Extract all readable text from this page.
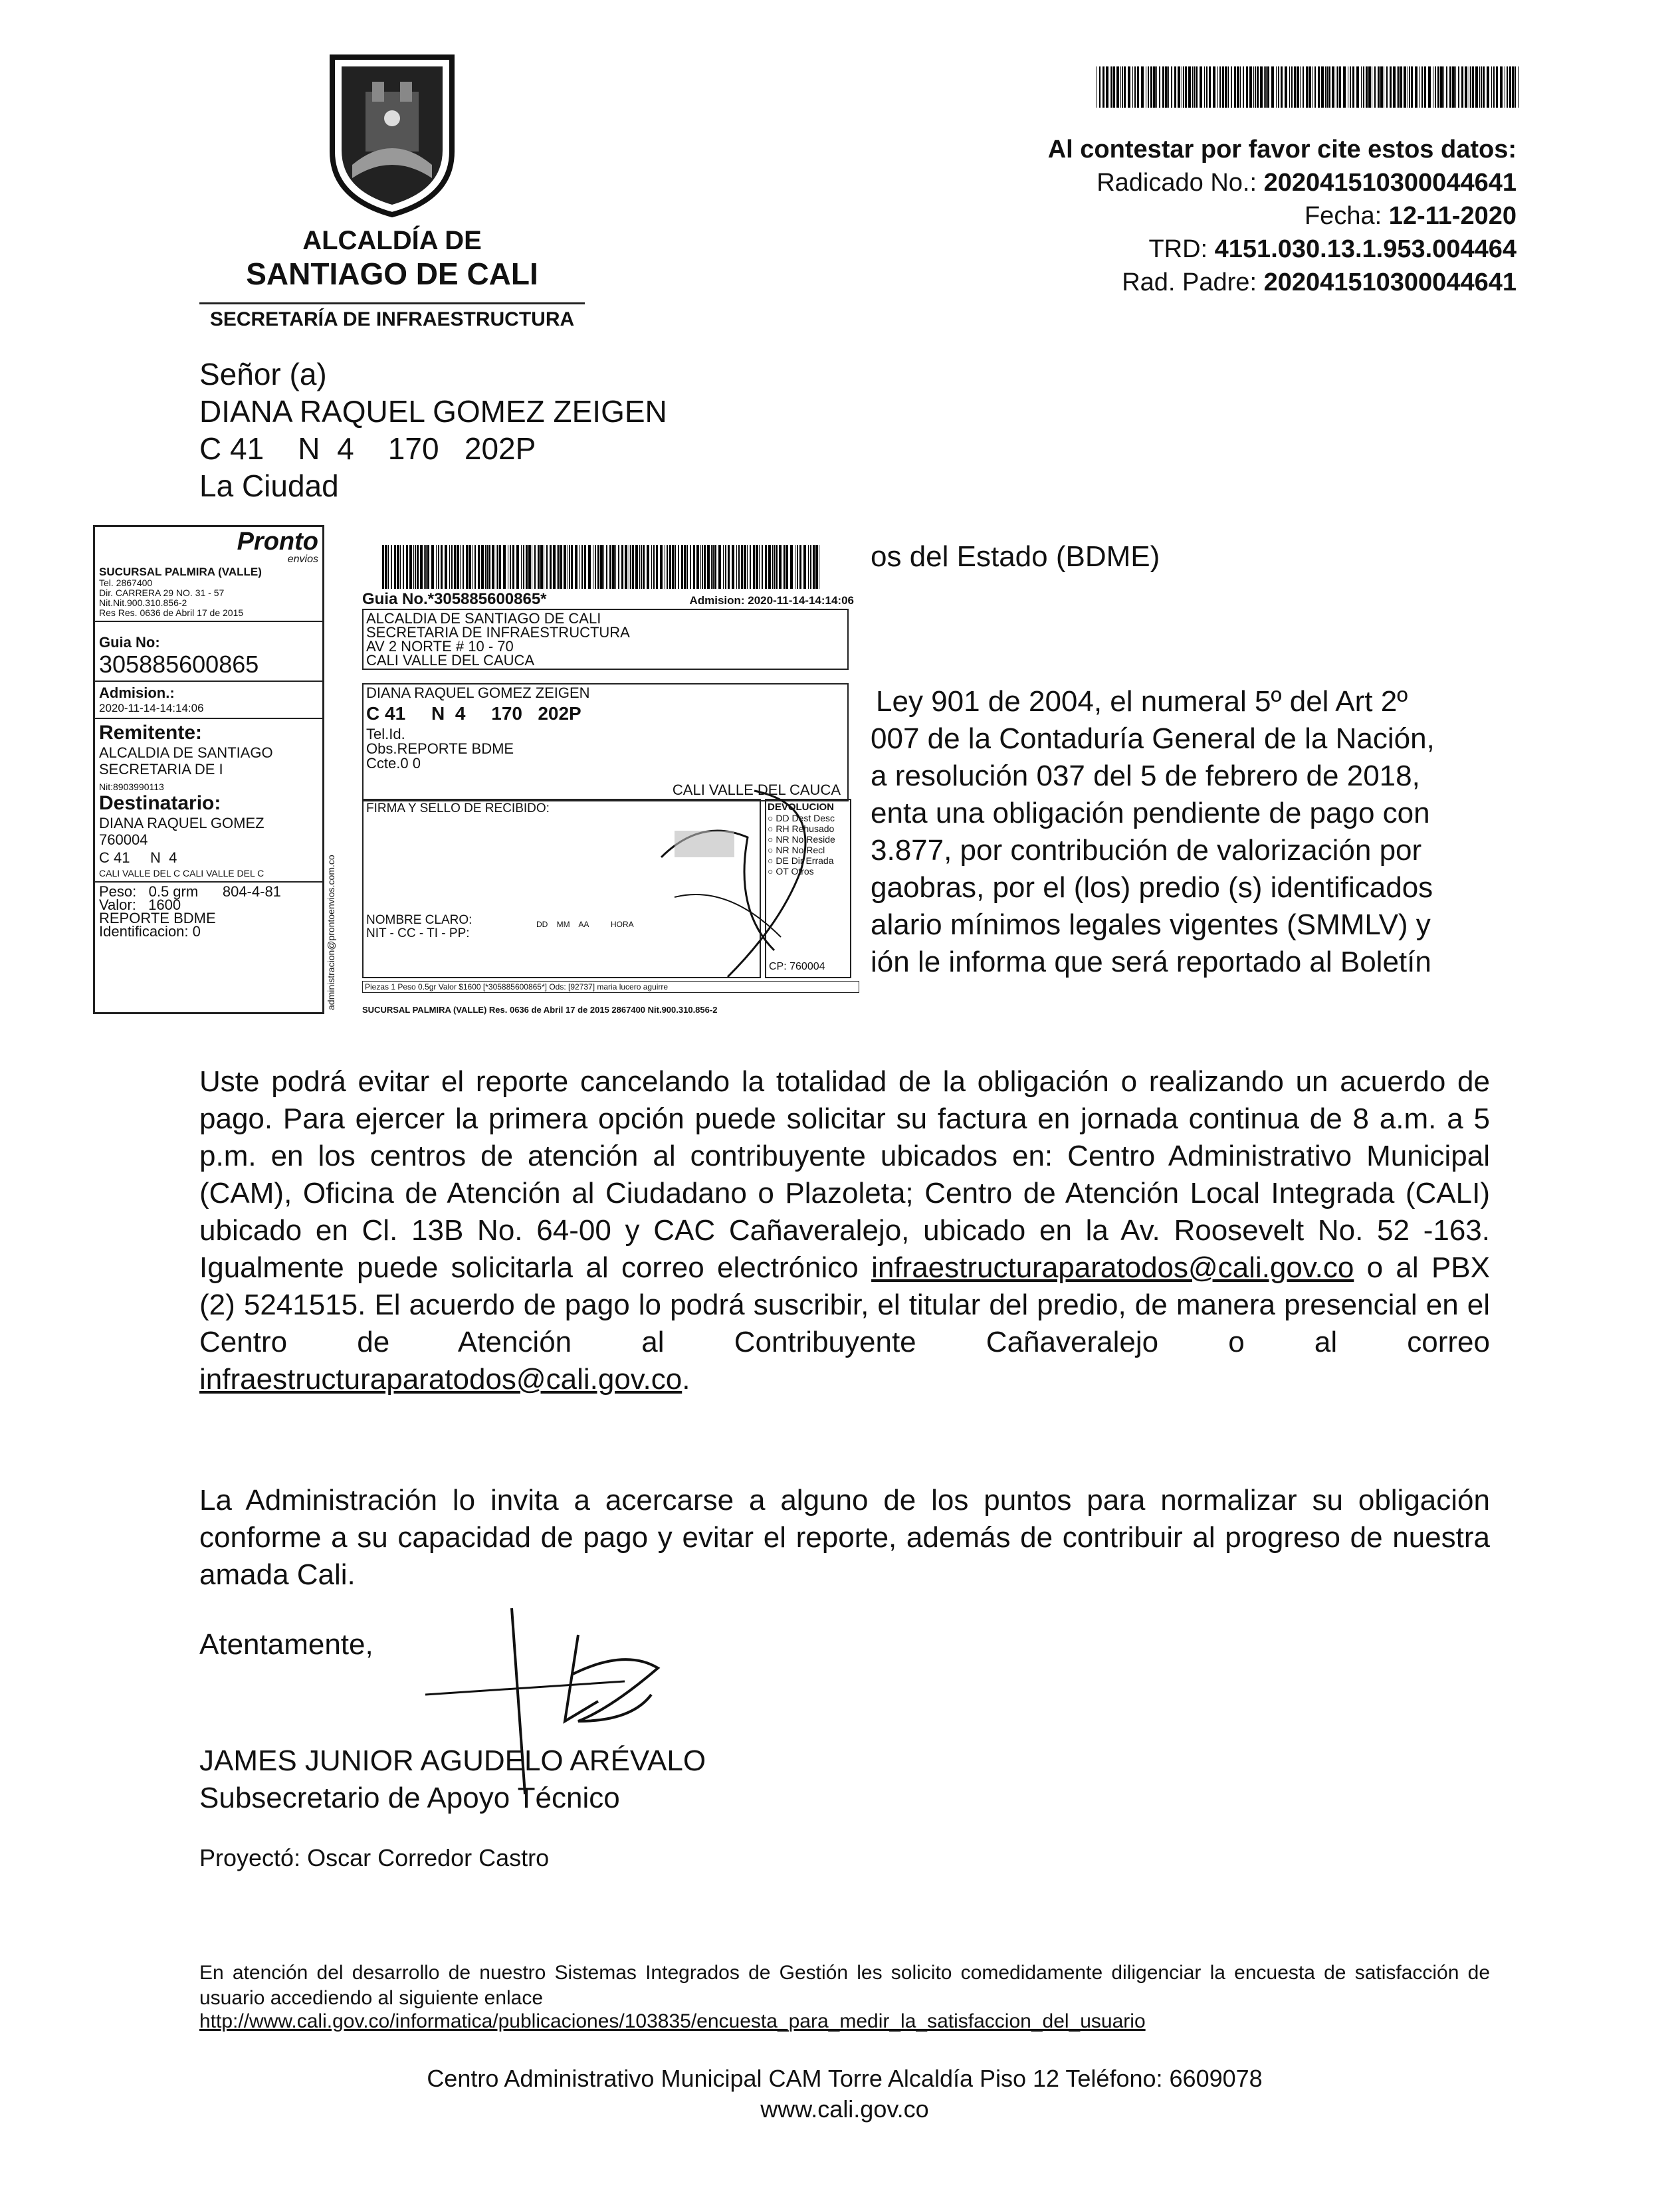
ALCALDÍA DE
SANTIAGO DE CALI
SECRETARÍA DE INFRAESTRUCTURA
Al contestar por favor cite estos datos:
Radicado No.: 202041510300044641
Fecha: 12-11-2020
TRD: 4151.030.13.1.953.004464
Rad. Padre: 202041510300044641
Señor (a)
DIANA RAQUEL GOMEZ ZEIGEN
C 41    N  4    170   202P
La Ciudad
os del Estado (BDME)
Ley 901 de 2004, el numeral 5º del Art 2º
007 de la Contaduría General de la Nación,
a resolución 037 del 5 de febrero de 2018,
enta una obligación pendiente de pago con
3.877, por contribución de valorización por
gaobras, por el (los) predio (s) identificados
alario mínimos legales vigentes (SMMLV) y
ión le informa que será reportado al Boletín
Uste podrá evitar el reporte cancelando la totalidad de la obligación o realizando un acuerdo de pago. Para ejercer la primera opción puede solicitar su factura en jornada continua de 8 a.m. a 5 p.m. en los centros de atención al contribuyente ubicados en: Centro Administrativo Municipal (CAM), Oficina de Atención al Ciudadano o Plazoleta; Centro de Atención Local Integrada (CALI) ubicado en Cl. 13B No. 64-00 y CAC Cañaveralejo, ubicado en la Av. Roosevelt No. 52 -163. Igualmente puede solicitarla al correo electrónico infraestructuraparatodos@cali.gov.co o al PBX (2) 5241515. El acuerdo de pago lo podrá suscribir, el titular del predio, de manera presencial en el Centro de Atención al Contribuyente Cañaveralejo o al correo infraestructuraparatodos@cali.gov.co.
La Administración lo invita a acercarse a alguno de los puntos para normalizar su obligación conforme a su capacidad de pago y evitar el reporte, además de contribuir al progreso de nuestra amada Cali.
Atentamente,
JAMES JUNIOR AGUDELO ARÉVALO
Subsecretario de Apoyo Técnico
Proyectó: Oscar Corredor Castro
En atención del desarrollo de nuestro Sistemas Integrados de Gestión les solicito comedidamente diligenciar la encuesta de satisfacción de usuario accediendo al siguiente enlace
http://www.cali.gov.co/informatica/publicaciones/103835/encuesta_para_medir_la_satisfaccion_del_usuario
Centro Administrativo Municipal CAM Torre Alcaldía Piso 12 Teléfono: 6609078
www.cali.gov.co
Pronto
envios
SUCURSAL PALMIRA (VALLE)
Tel. 2867400
Dir. CARRERA 29 NO. 31 - 57
Nit.Nit.900.310.856-2
Res Res. 0636 de Abril 17 de 2015
Guia No:
305885600865
Admision.:
2020-11-14-14:14:06
Remitente:
ALCALDIA DE SANTIAGO SECRETARIA DE I
Nit:8903990113
Destinatario:
DIANA RAQUEL GOMEZ
760004
C 41     N  4
CALI VALLE DEL C CALI VALLE DEL C
Peso:   0.5 grm      804-4-81
Valor:   1600
REPORTE BDME
Identificacion: 0
Guia No.*305885600865*	Admision: 2020-11-14-14:14:06
ALCALDIA DE SANTIAGO DE CALI
SECRETARIA DE INFRAESTRUCTURA
AV 2 NORTE # 10 - 70
CALI VALLE DEL CAUCA
DIANA RAQUEL GOMEZ ZEIGEN
C 41     N  4     170   202P
Tel.Id.
Obs.REPORTE BDME
Ccte.0 0
CALI VALLE DEL CAUCA
FIRMA Y SELLO DE RECIBIDO:
NOMBRE CLARO:
NIT - CC - TI - PP:
DD    MM    AA          HORA
DEVOLUCION
○ DD Dest Desc
○ RH Rehusado
○ NR No Reside
○ NR No Recl
○ DE Dir Errada
○ OT Otros
CP: 760004
Piezas 1 Peso 0.5gr Valor $1600 [*305885600865*] Ods: [92737] maria lucero aguirre
SUCURSAL PALMIRA (VALLE) Res. 0636 de Abril 17 de 2015 2867400 Nit.900.310.856-2
administracion@prontoenvios.com.co
